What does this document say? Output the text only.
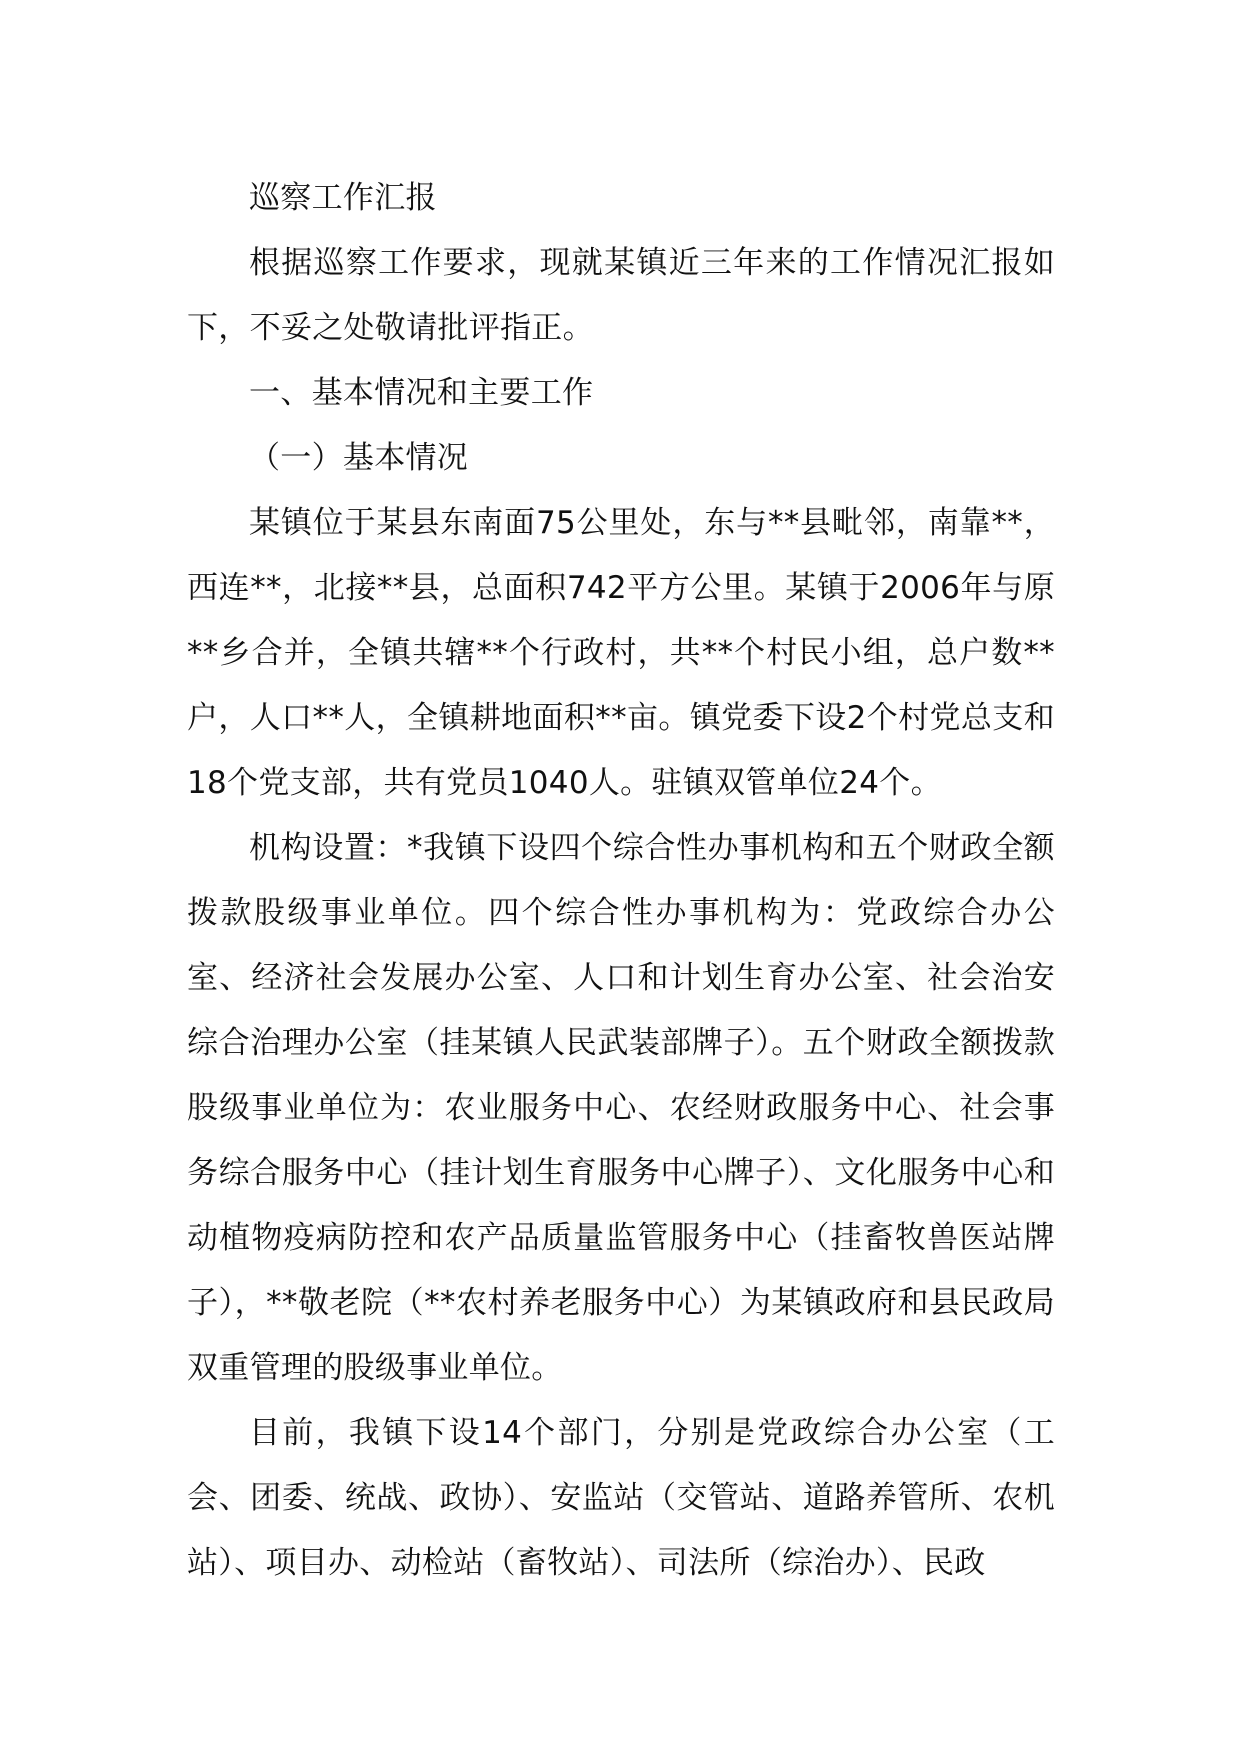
巡察工作汇报

根据巡察工作要求，现就某镇近三年来的工作情况汇报如下，不妥之处敬请批评指正。

一、基本情况和主要工作

（一）基本情况

某镇位于某县东南面75公里处，东与**县毗邻，南靠**，西连**，北接**县，总面积742平方公里。某镇于2006年与原**乡合并，全镇共辖**个行政村，共**个村民小组，总户数**户，人口**人，全镇耕地面积**亩。镇党委下设2个村党总支和18个党支部，共有党员1040人。驻镇双管单位24个。

机构设置：*我镇下设四个综合性办事机构和五个财政全额拨款股级事业单位。四个综合性办事机构为：党政综合办公室、经济社会发展办公室、人口和计划生育办公室、社会治安综合治理办公室（挂某镇人民武装部牌子）。五个财政全额拨款股级事业单位为：农业服务中心、农经财政服务中心、社会事务综合服务中心（挂计划生育服务中心牌子）、文化服务中心和动植物疫病防控和农产品质量监管服务中心（挂畜牧兽医站牌子），**敬老院（**农村养老服务中心）为某镇政府和县民政局双重管理的股级事业单位。

目前，我镇下设14个部门，分别是党政综合办公室（工会、团委、统战、政协）、安监站（交管站、道路养管所、农机站）、项目办、动检站（畜牧站）、司法所（综治办）、民政
